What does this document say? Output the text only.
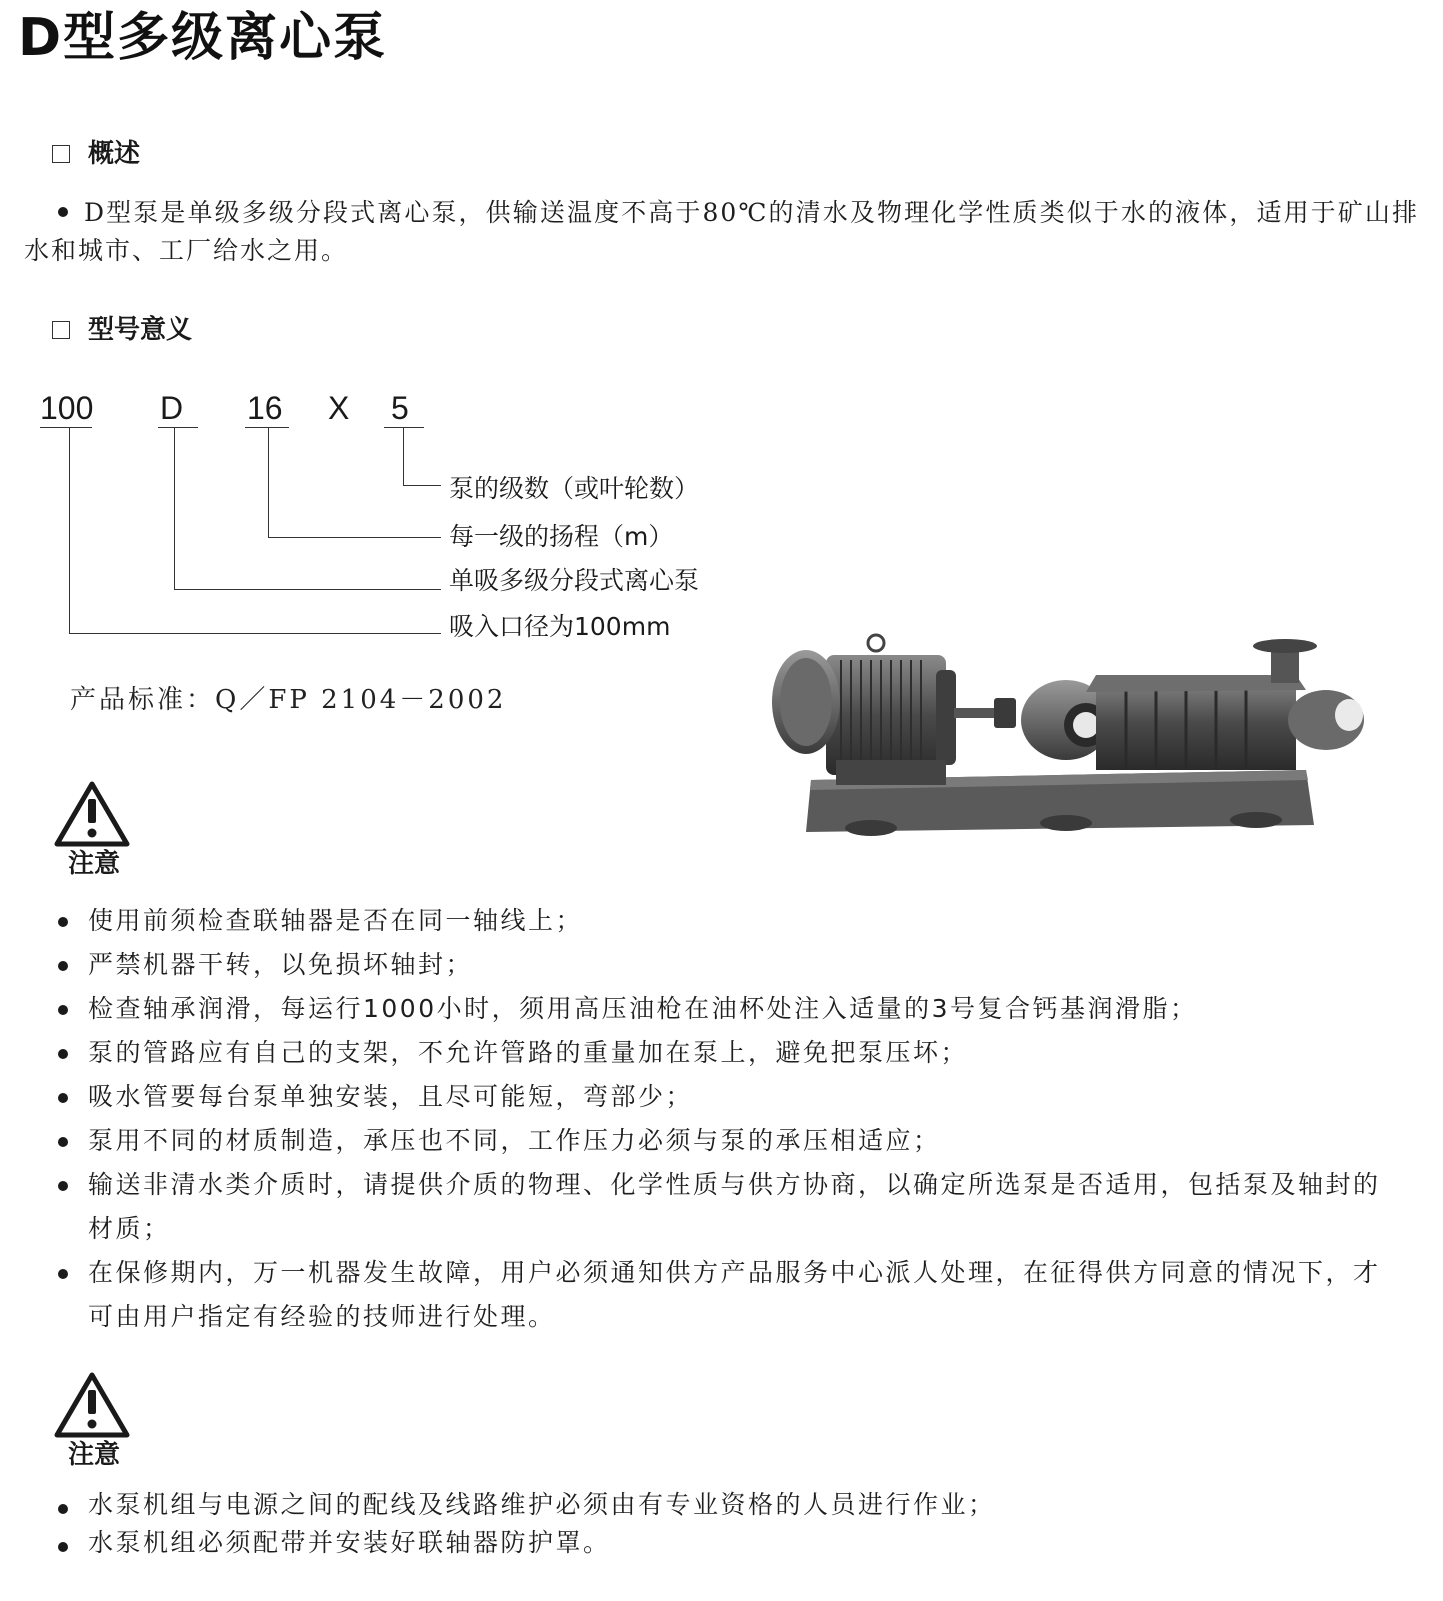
D型多级离心泵
概述
D型泵是单级多级分段式离心泵，供输送温度不高于80℃的清水及物理化学性质类似于水的液体，适用于矿山排水和城市、工厂给水之用。
型号意义
100 D 16 X 5
泵的级数（或叶轮数）
每一级的扬程（m）
单吸多级分段式离心泵
吸入口径为100mm
产品标准：Q／FP 2104－2002
注意
使用前须检查联轴器是否在同一轴线上；
严禁机器干转，以免损坏轴封；
检查轴承润滑，每运行1000小时，须用高压油枪在油杯处注入适量的3号复合钙基润滑脂；
泵的管路应有自己的支架，不允许管路的重量加在泵上，避免把泵压坏；
吸水管要每台泵单独安装，且尽可能短，弯部少；
泵用不同的材质制造，承压也不同，工作压力必须与泵的承压相适应；
输送非清水类介质时，请提供介质的物理、化学性质与供方协商，以确定所选泵是否适用，包括泵及轴封的材质；
在保修期内，万一机器发生故障，用户必须通知供方产品服务中心派人处理，在征得供方同意的情况下，才可由用户指定有经验的技师进行处理。
注意
水泵机组与电源之间的配线及线路维护必须由有专业资格的人员进行作业；
水泵机组必须配带并安装好联轴器防护罩。
